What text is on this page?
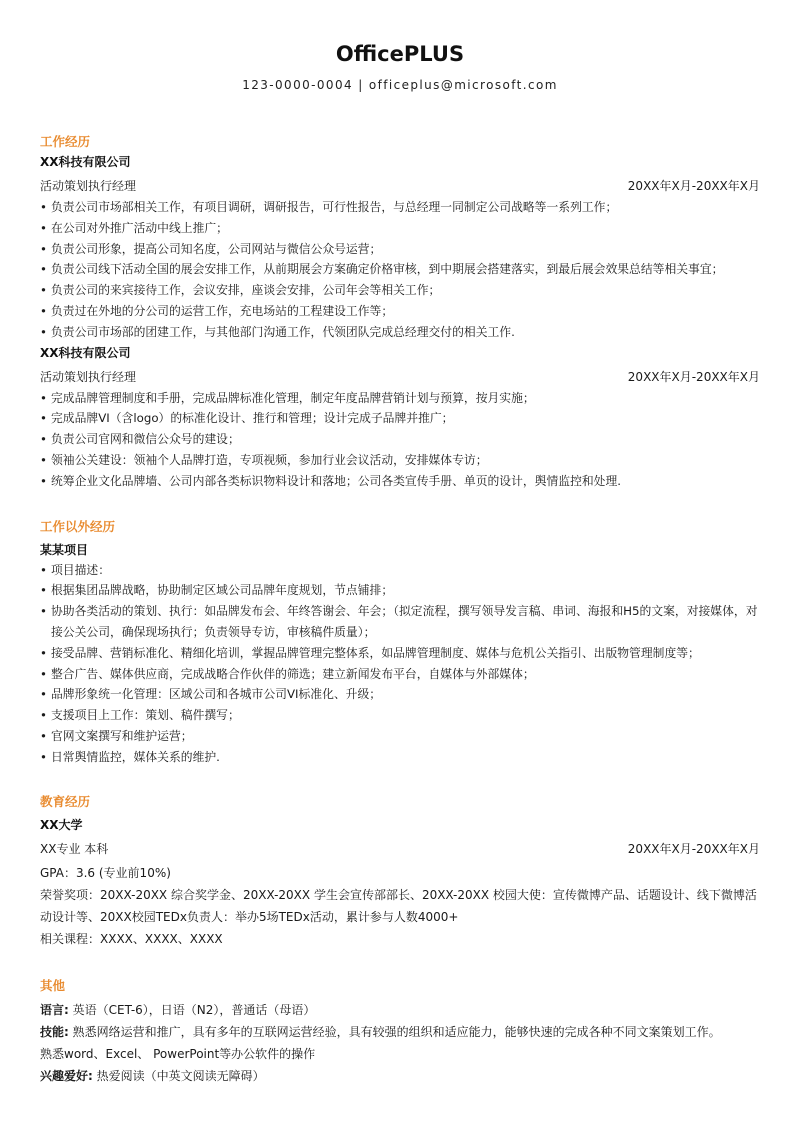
OfficePLUS
123-0000-0004 | officeplus@microsoft.com
工作经历
XX科技有限公司
活动策划执行经理	20XX年X月-20XX年X月
• 负责公司市场部相关工作，有项目调研，调研报告，可行性报告，与总经理一同制定公司战略等一系列工作；
• 在公司对外推广活动中线上推广；
• 负责公司形象，提高公司知名度，公司网站与微信公众号运营；
• 负责公司线下活动全国的展会安排工作，从前期展会方案确定价格审核，到中期展会搭建落实，到最后展会效果总结等相关事宜；
• 负责公司的来宾接待工作，会议安排，座谈会安排，公司年会等相关工作；
• 负责过在外地的分公司的运营工作，充电场站的工程建设工作等；
• 负责公司市场部的团建工作，与其他部门沟通工作，代领团队完成总经理交付的相关工作.
XX科技有限公司
活动策划执行经理	20XX年X月-20XX年X月
• 完成品牌管理制度和手册，完成品牌标准化管理，制定年度品牌营销计划与预算，按月实施；
• 完成品牌VI（含logo）的标准化设计、推行和管理；设计完成子品牌并推广；
• 负责公司官网和微信公众号的建设；
• 领袖公关建设：领袖个人品牌打造，专项视频，参加行业会议活动，安排媒体专访；
• 统筹企业文化品牌墙、公司内部各类标识物料设计和落地；公司各类宣传手册、单页的设计，舆情监控和处理.
工作以外经历
某某项目
• 项目描述：
• 根据集团品牌战略，协助制定区域公司品牌年度规划，节点铺排；
• 协助各类活动的策划、执行：如品牌发布会、年终答谢会、年会；（拟定流程，撰写领导发言稿、串词、海报和H5的文案，对接媒体，对接公关公司，确保现场执行；负责领导专访，审核稿件质量）；
• 接受品牌、营销标准化、精细化培训，掌握品牌管理完整体系，如品牌管理制度、媒体与危机公关指引、出版物管理制度等；
• 整合广告、媒体供应商，完成战略合作伙伴的筛选；建立新闻发布平台，自媒体与外部媒体；
• 品牌形象统一化管理：区域公司和各城市公司VI标准化、升级；
• 支援项目上工作：策划、稿件撰写；
• 官网文案撰写和维护运营；
• 日常舆情监控，媒体关系的维护.
教育经历
XX大学
XX专业 本科	20XX年X月-20XX年X月
GPA：3.6 (专业前10%)
荣誉奖项：20XX-20XX 综合奖学金、20XX-20XX 学生会宣传部部长、20XX-20XX 校园大使：宣传微博产品、话题设计、线下微博活动设计等、20XX校园TEDx负责人：举办5场TEDx活动，累计参与人数4000+
相关课程：XXXX、XXXX、XXXX
其他
语言: 英语（CET-6），日语（N2），普通话（母语）
技能: 熟悉网络运营和推广，具有多年的互联网运营经验，具有较强的组织和适应能力，能够快速的完成各种不同文案策划工作。
熟悉word、Excel、 PowerPoint等办公软件的操作
兴趣爱好: 热爱阅读（中英文阅读无障碍）
